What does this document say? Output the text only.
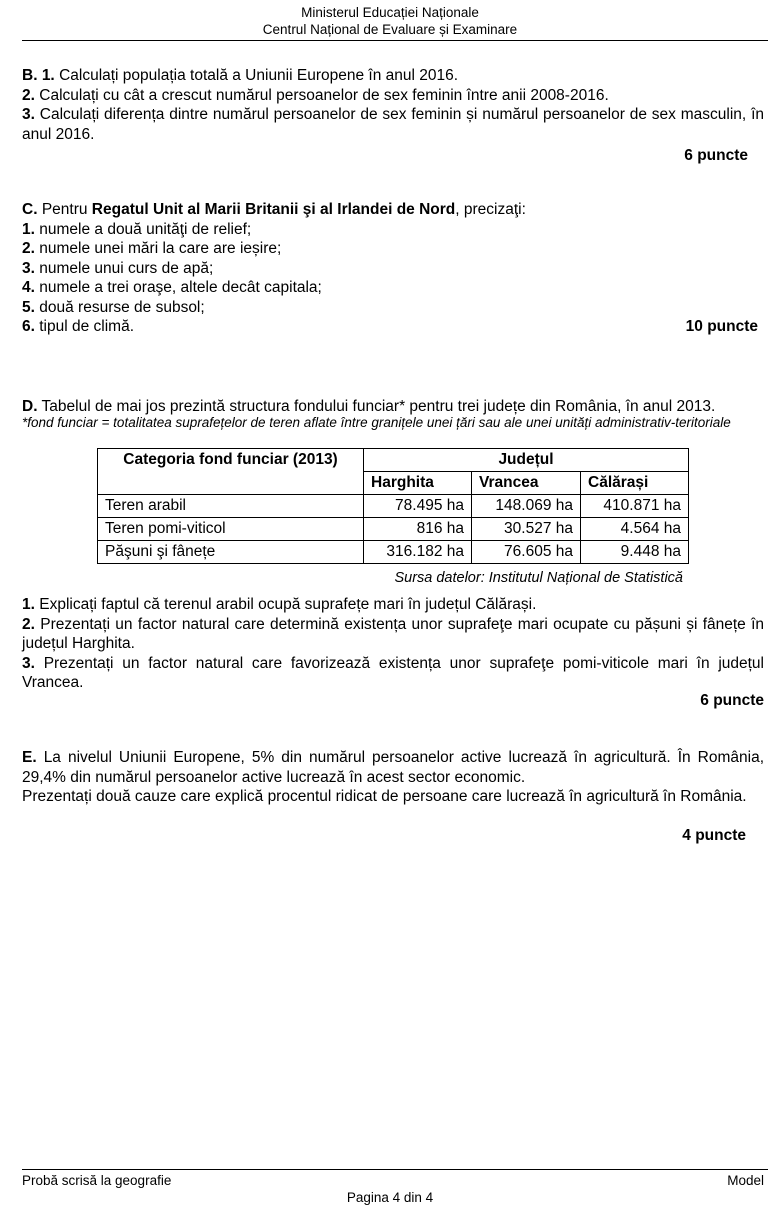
Ministerul Educației Naționale
Centrul Național de Evaluare și Examinare
B. 1. Calculați populația totală a Uniunii Europene în anul 2016.
2. Calculați cu cât a crescut numărul persoanelor de sex feminin între anii 2008-2016.
3. Calculați diferența dintre numărul persoanelor de sex feminin și numărul persoanelor de sex masculin, în anul 2016.
6 puncte
C. Pentru Regatul Unit al Marii Britanii şi al Irlandei de Nord, precizaţi:
1. numele a două unităţi de relief;
2. numele unei mări la care are ieșire;
3. numele unui curs de apă;
4. numele a trei oraşe, altele decât capitala;
5. două resurse de subsol;
6. tipul de climă.	10 puncte
D. Tabelul de mai jos prezintă structura fondului funciar* pentru trei județe din România, în anul 2013.
*fond funciar = totalitatea suprafețelor de teren aflate între granițele unei țări sau ale unei unități administrativ-teritoriale
Categoria fond funciar (2013)	Județul		
	Harghita	Vrancea	Călărași
Teren arabil	78.495 ha	148.069 ha	410.871 ha
Teren pomi-viticol	816 ha	30.527 ha	4.564 ha
Păşuni şi fânețe	316.182 ha	76.605 ha	9.448 ha
Sursa datelor: Institutul Național de Statistică
1. Explicați faptul că terenul arabil ocupă suprafețe mari în județul Călărași.
2. Prezentați un factor natural care determină existența unor suprafeţe mari ocupate cu pășuni și fânețe în județul Harghita.
3. Prezentați un factor natural care favorizează existența unor suprafeţe pomi-viticole mari în județul Vrancea.
6 puncte
E. La nivelul Uniunii Europene, 5% din numărul persoanelor active lucrează în agricultură. În România, 29,4% din numărul persoanelor active lucrează în acest sector economic.
Prezentați două cauze care explică procentul ridicat de persoane care lucrează în agricultură în România.
4 puncte
Probă scrisă la geografie	Model
Pagina 4 din 4
